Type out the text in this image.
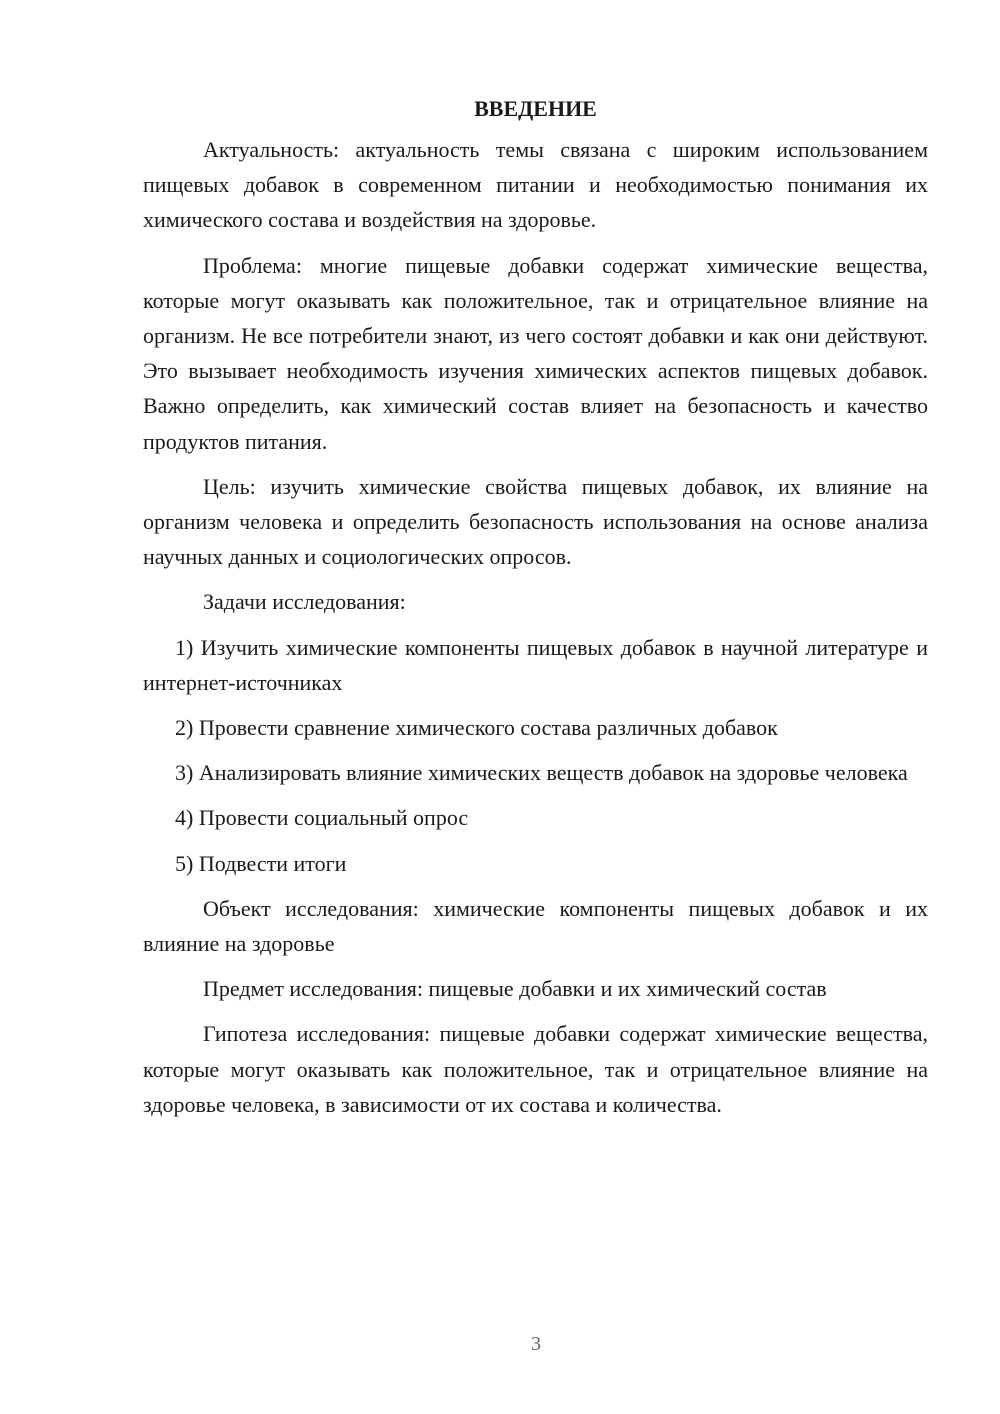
ВВЕДЕНИЕ

Актуальность: актуальность темы связана с широким использованием пищевых добавок в современном питании и необходимостью понимания их химического состава и воздействия на здоровье.

Проблема: многие пищевые добавки содержат химические вещества, которые могут оказывать как положительное, так и отрицательное влияние на организм. Не все потребители знают, из чего состоят добавки и как они действуют. Это вызывает необходимость изучения химических аспектов пищевых добавок. Важно определить, как химический состав влияет на безопасность и качество продуктов питания.

Цель: изучить химические свойства пищевых добавок, их влияние на организм человека и определить безопасность использования на основе анализа научных данных и социологических опросов.

Задачи исследования:

1) Изучить химические компоненты пищевых добавок в научной литературе и интернет-источниках

2) Провести сравнение химического состава различных добавок

3) Анализировать влияние химических веществ добавок на здоровье человека

4) Провести социальный опрос

5) Подвести итоги

Объект исследования: химические компоненты пищевых добавок и их влияние на здоровье

Предмет исследования: пищевые добавки и их химический состав

Гипотеза исследования: пищевые добавки содержат химические вещества, которые могут оказывать как положительное, так и отрицательное влияние на здоровье человека, в зависимости от их состава и количества.

3
